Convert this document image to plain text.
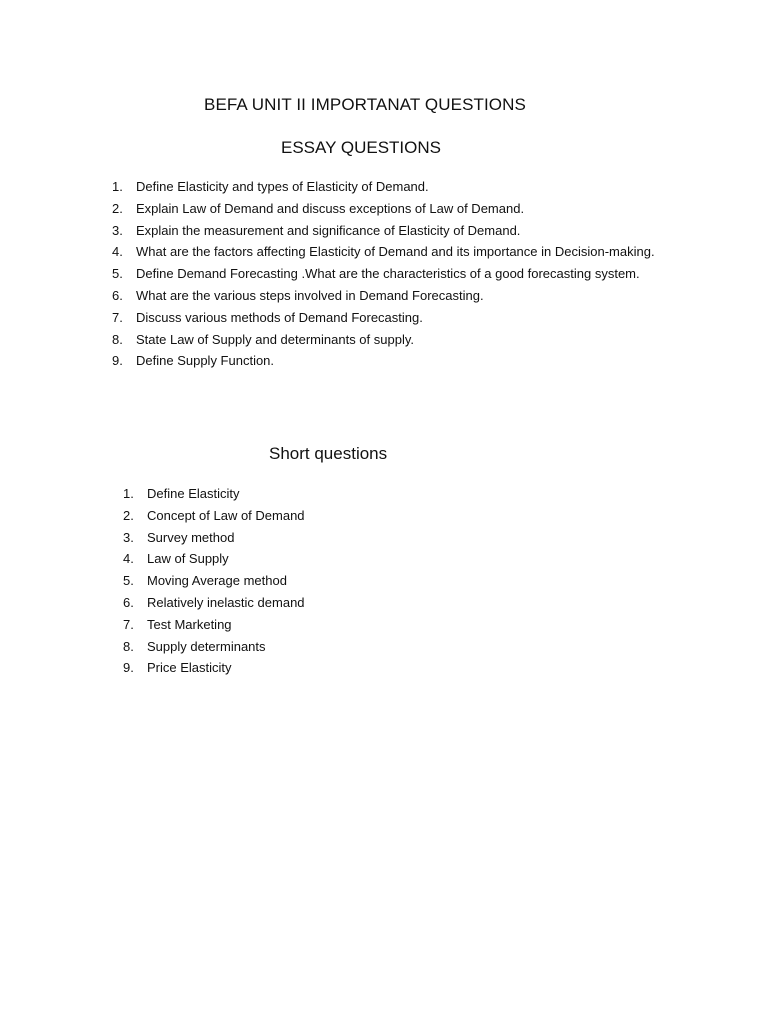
BEFA UNIT II IMPORTANAT QUESTIONS
ESSAY QUESTIONS
1. Define Elasticity and types of Elasticity of Demand.
2. Explain Law of Demand and discuss exceptions of Law of Demand.
3. Explain the measurement and significance of Elasticity of Demand.
4. What are the factors affecting Elasticity of Demand and its importance in Decision-making.
5. Define Demand Forecasting .What are the characteristics of a good forecasting system.
6. What are the various steps involved in Demand Forecasting.
7. Discuss various methods of Demand Forecasting.
8. State Law of Supply and determinants of supply.
9. Define Supply Function.
Short questions
1. Define Elasticity
2. Concept of Law of Demand
3. Survey method
4. Law of Supply
5. Moving Average method
6. Relatively inelastic demand
7. Test Marketing
8. Supply determinants
9. Price Elasticity
